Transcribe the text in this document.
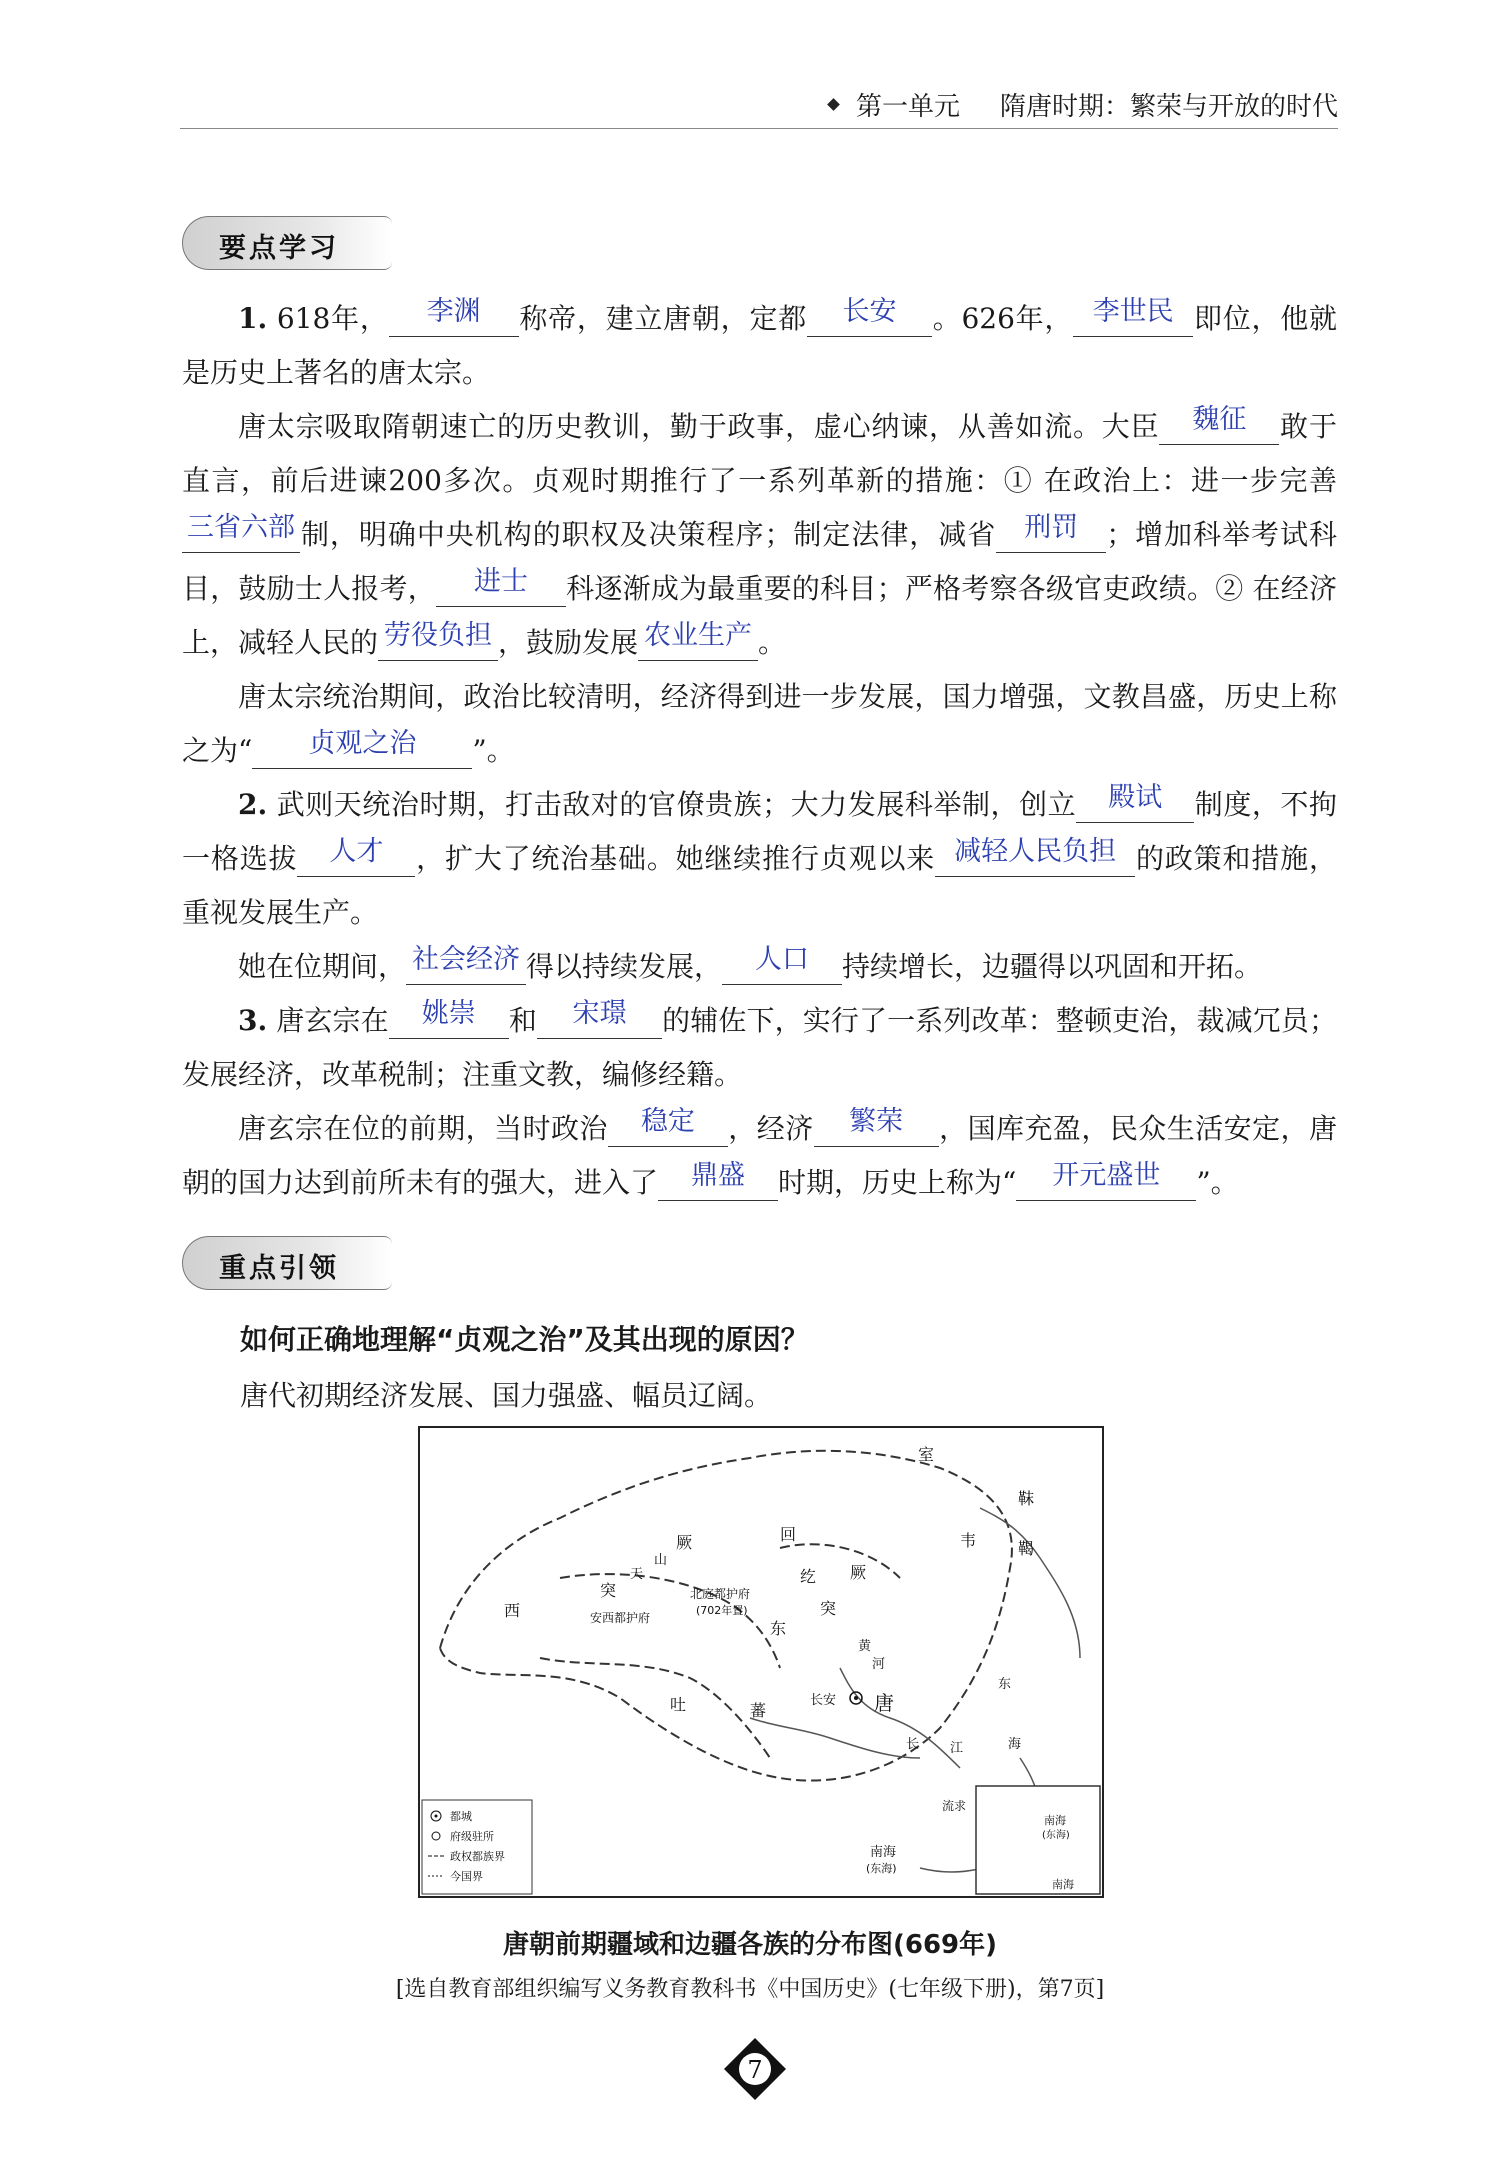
第一单元 隋唐时期：繁荣与开放的时代
要点学习

1. 618年， 李渊 称帝，建立唐朝，定都 长安 。626年， 李世民 即位，他就是历史上著名的唐太宗。

唐太宗吸取隋朝速亡的历史教训，勤于政事，虚心纳谏，从善如流。大臣 魏征 敢于直言，前后进谏200多次。贞观时期推行了一系列革新的措施：① 在政治上：进一步完善三省六部 制，明确中央机构的职权及决策程序；制定法律，减省 刑罚 ；增加科举考试科目，鼓励士人报考， 进士 科逐渐成为最重要的科目；严格考察各级官吏政绩。② 在经济上，减轻人民的 劳役负担 ，鼓励发展 农业生产 。

唐太宗统治期间，政治比较清明，经济得到进一步发展，国力增强，文教昌盛，历史上称之为“ 贞观之治 ”。

2. 武则天统治时期，打击敌对的官僚贵族；大力发展科举制，创立 殿试 制度，不拘一格选拔 人才 ，扩大了统治基础。她继续推行贞观以来 减轻人民负担 的政策和措施，重视发展生产。

她在位期间， 社会经济 得以持续发展， 人口 持续增长，边疆得以巩固和开拓。

3. 唐玄宗在 姚崇 和 宋璟 的辅佐下，实行了一系列改革：整顿吏治，裁减冗员；发展经济，改革税制；注重文教，编修经籍。

唐玄宗在位的前期，当时政治 稳定 ，经济 繁荣 ，国库充盈，民众生活安定，唐朝的国力达到前所未有的强大，进入了 鼎盛 时期，历史上称为“ 开元盛世 ”。

重点引领
如何正确地理解“贞观之治”及其出现的原因？
唐代初期经济发展、国力强盛、幅员辽阔。
室
韦
靺
鞨
回
纥
突
厥
天
山
突
厥
西
北庭都护府
(702年置)
安西都护府
东
长安 唐
吐	蕃
黄
河
长 江
东
海
流求
南海
(东海)
南海
(东海)
南海
都城
府级驻所
政权都族界
今国界
唐朝前期疆域和边疆各族的分布图(669年)
[选自教育部组织编写义务教育教科书《中国历史》(七年级下册)，第7页]
7
